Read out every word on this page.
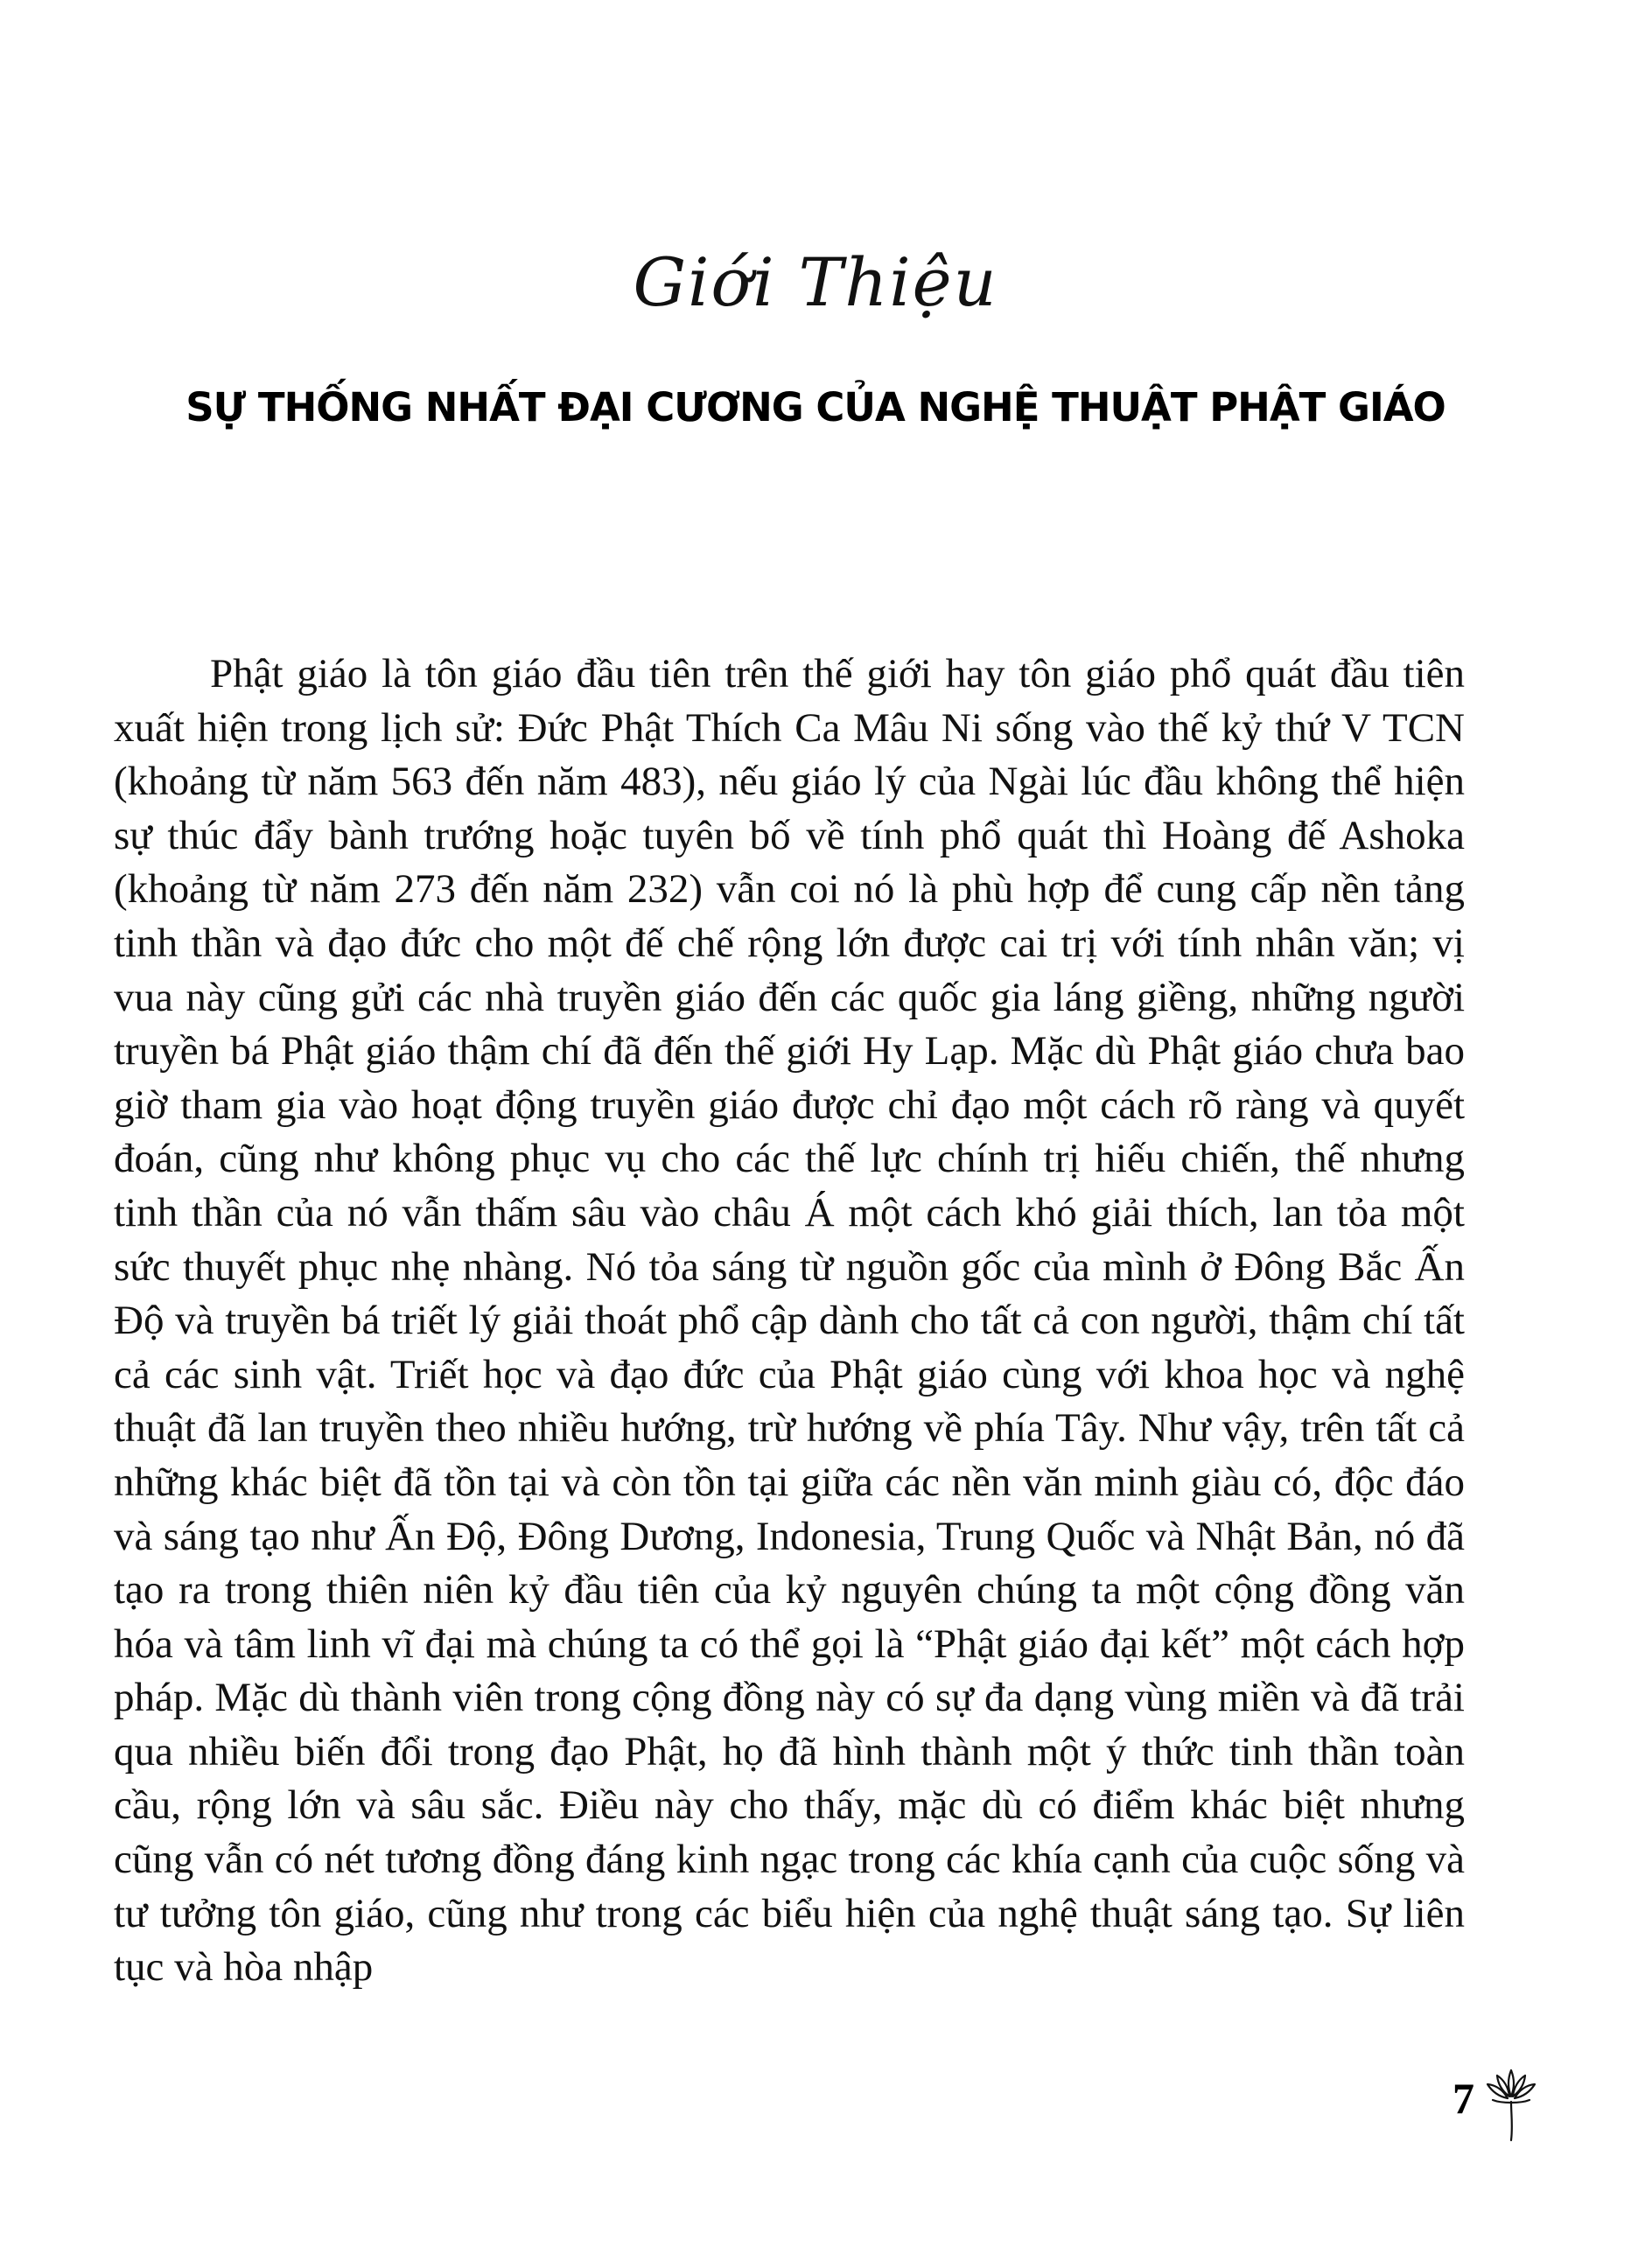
Giới Thiệu
SỰ THỐNG NHẤT ĐẠI CƯƠNG CỦA NGHỆ THUẬT PHẬT GIÁO

Phật giáo là tôn giáo đầu tiên trên thế giới hay tôn giáo phổ quát đầu tiên xuất hiện trong lịch sử: Đức Phật Thích Ca Mâu Ni sống vào thế kỷ thứ V TCN (khoảng từ năm 563 đến năm 483), nếu giáo lý của Ngài lúc đầu không thể hiện sự thúc đẩy bành trướng hoặc tuyên bố về tính phổ quát thì Hoàng đế Ashoka (khoảng từ năm 273 đến năm 232) vẫn coi nó là phù hợp để cung cấp nền tảng tinh thần và đạo đức cho một đế chế rộng lớn được cai trị với tính nhân văn; vị vua này cũng gửi các nhà truyền giáo đến các quốc gia láng giềng, những người truyền bá Phật giáo thậm chí đã đến thế giới Hy Lạp. Mặc dù Phật giáo chưa bao giờ tham gia vào hoạt động truyền giáo được chỉ đạo một cách rõ ràng và quyết đoán, cũng như không phục vụ cho các thế lực chính trị hiếu chiến, thế nhưng tinh thần của nó vẫn thấm sâu vào châu Á một cách khó giải thích, lan tỏa một sức thuyết phục nhẹ nhàng. Nó tỏa sáng từ nguồn gốc của mình ở Đông Bắc Ấn Độ và truyền bá triết lý giải thoát phổ cập dành cho tất cả con người, thậm chí tất cả các sinh vật. Triết học và đạo đức của Phật giáo cùng với khoa học và nghệ thuật đã lan truyền theo nhiều hướng, trừ hướng về phía Tây. Như vậy, trên tất cả những khác biệt đã tồn tại và còn tồn tại giữa các nền văn minh giàu có, độc đáo và sáng tạo như Ấn Độ, Đông Dương, Indonesia, Trung Quốc và Nhật Bản, nó đã tạo ra trong thiên niên kỷ đầu tiên của kỷ nguyên chúng ta một cộng đồng văn hóa và tâm linh vĩ đại mà chúng ta có thể gọi là “Phật giáo đại kết” một cách hợp pháp. Mặc dù thành viên trong cộng đồng này có sự đa dạng vùng miền và đã trải qua nhiều biến đổi trong đạo Phật, họ đã hình thành một ý thức tinh thần toàn cầu, rộng lớn và sâu sắc. Điều này cho thấy, mặc dù có điểm khác biệt nhưng cũng vẫn có nét tương đồng đáng kinh ngạc trong các khía cạnh của cuộc sống và tư tưởng tôn giáo, cũng như trong các biểu hiện của nghệ thuật sáng tạo. Sự liên tục và hòa nhập

7
